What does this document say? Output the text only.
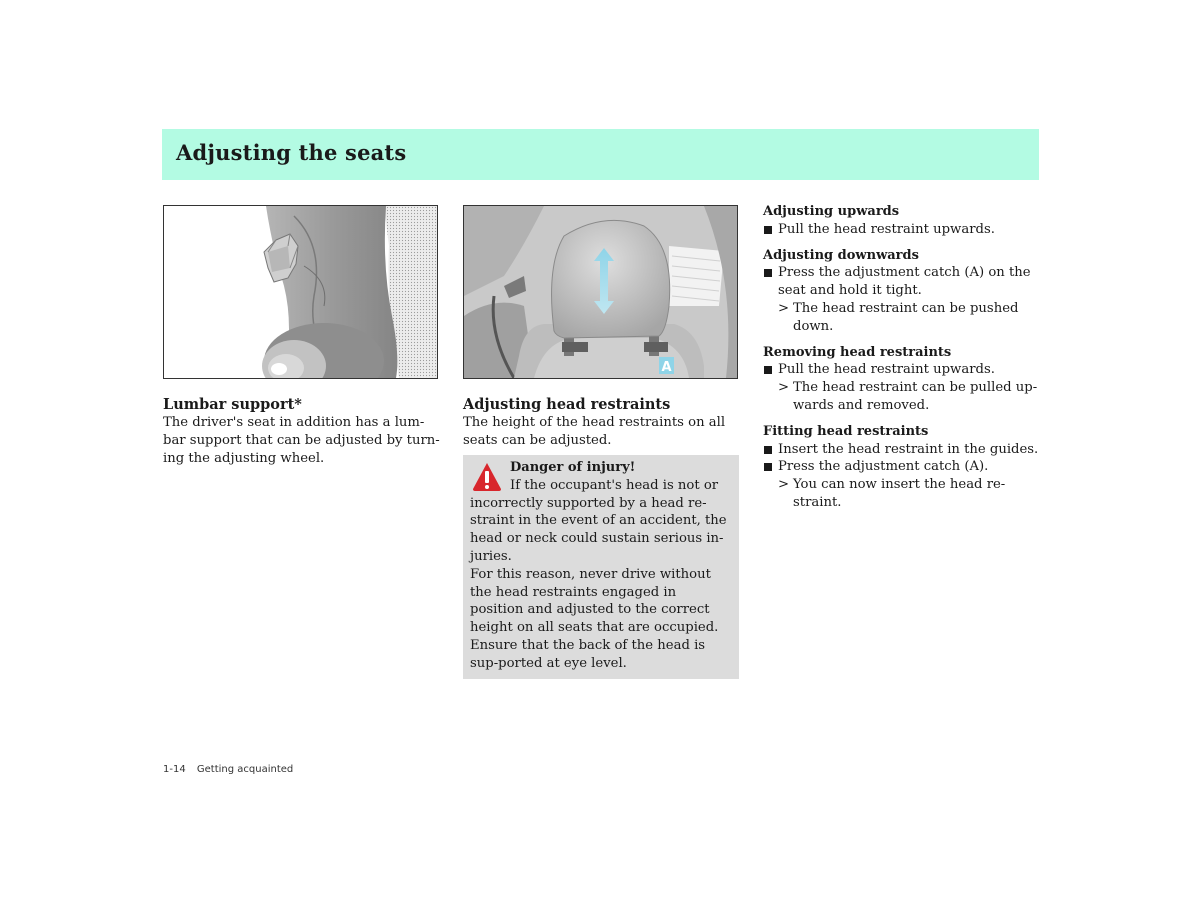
Adjusting the seats
A
Lumbar support*

The driver's seat in addition has a lum-bar support that can be adjusted by turn-ing the adjusting wheel.

Adjusting head restraints

The height of the head restraints on all seats can be adjusted.

Danger of injury!

If the occupant's head is not or incorrectly supported by a head re-straint in the event of an accident, the head or neck could sustain serious in-juries.

For this reason, never drive without the head restraints engaged in position and adjusted to the correct height on all seats that are occupied.

Ensure that the back of the head is sup-ported at eye level.

Adjusting upwards
Pull the head restraint upwards.
Adjusting downwards
Press the adjustment catch (A) on the seat and hold it tight.
> The head restraint can be pushed down.
Removing head restraints
Pull the head restraint upwards.
> The head restraint can be pulled up-wards and removed.
Fitting head restraints
Insert the head restraint in the guides.
Press the adjustment catch (A).
> You can now insert the head re-straint.
1-14 Getting acquainted
